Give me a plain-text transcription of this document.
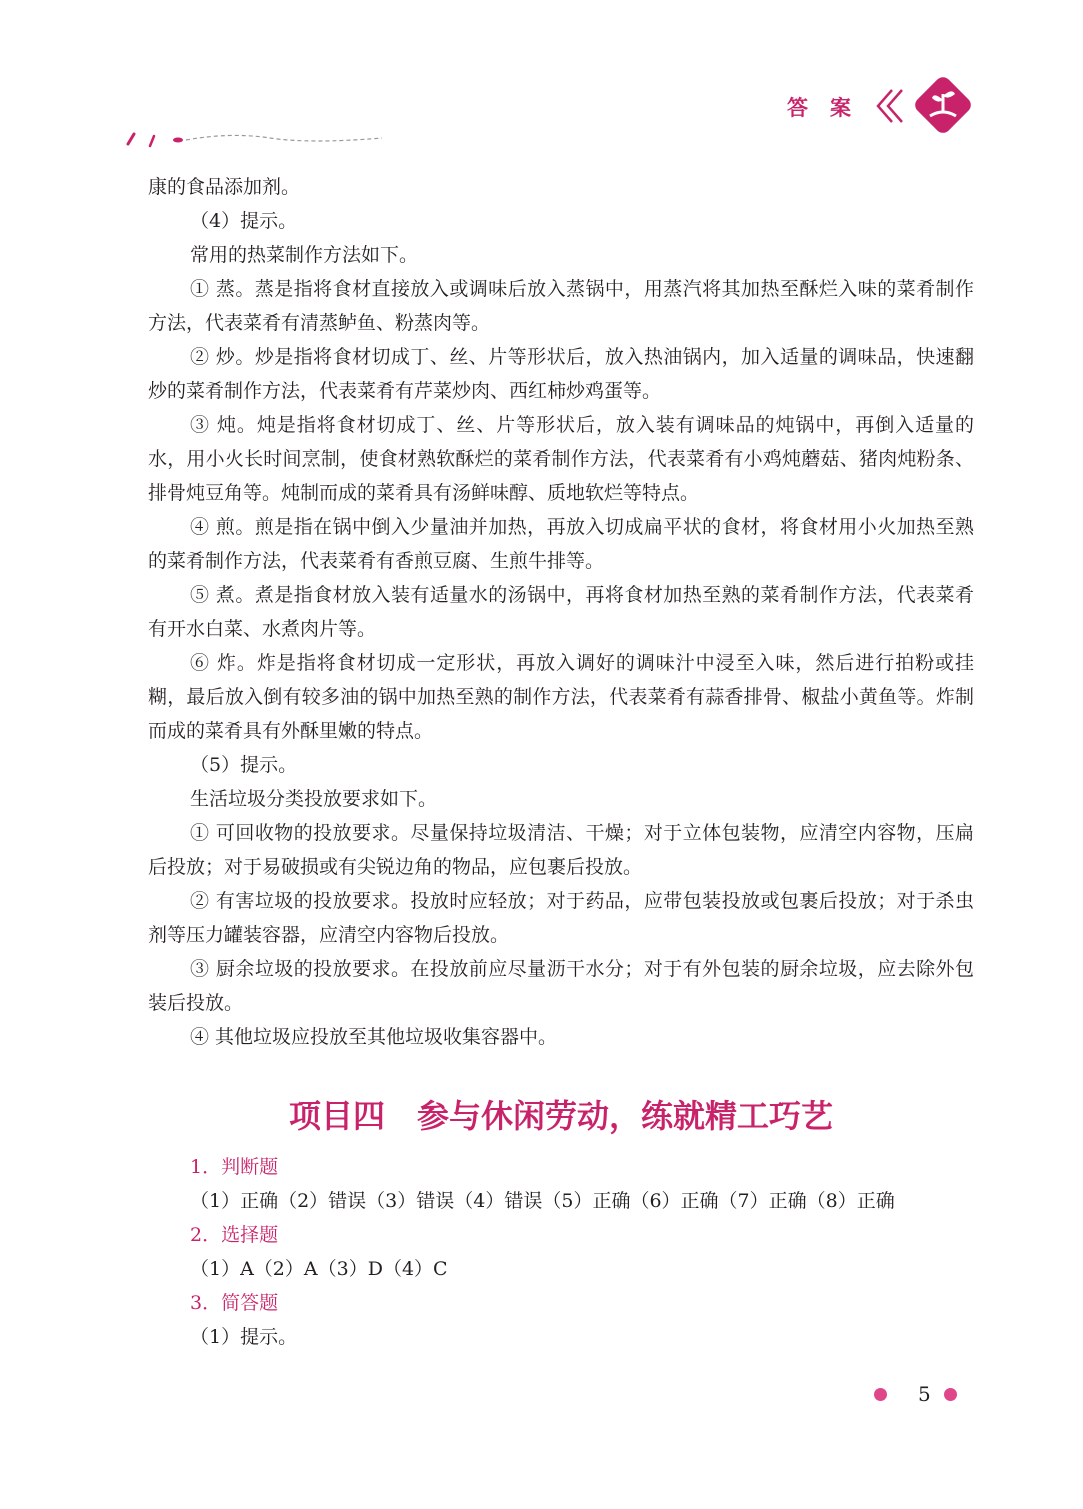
答案

康的食品添加剂。

（4）提示。

常用的热菜制作方法如下。

① 蒸。蒸是指将食材直接放入或调味后放入蒸锅中，用蒸汽将其加热至酥烂入味的菜肴制作方法，代表菜肴有清蒸鲈鱼、粉蒸肉等。

② 炒。炒是指将食材切成丁、丝、片等形状后，放入热油锅内，加入适量的调味品，快速翻炒的菜肴制作方法，代表菜肴有芹菜炒肉、西红柿炒鸡蛋等。

③ 炖。炖是指将食材切成丁、丝、片等形状后，放入装有调味品的炖锅中，再倒入适量的水，用小火长时间烹制，使食材熟软酥烂的菜肴制作方法，代表菜肴有小鸡炖蘑菇、猪肉炖粉条、排骨炖豆角等。炖制而成的菜肴具有汤鲜味醇、质地软烂等特点。

④ 煎。煎是指在锅中倒入少量油并加热，再放入切成扁平状的食材，将食材用小火加热至熟的菜肴制作方法，代表菜肴有香煎豆腐、生煎牛排等。

⑤ 煮。煮是指食材放入装有适量水的汤锅中，再将食材加热至熟的菜肴制作方法，代表菜肴有开水白菜、水煮肉片等。

⑥ 炸。炸是指将食材切成一定形状，再放入调好的调味汁中浸至入味，然后进行拍粉或挂糊，最后放入倒有较多油的锅中加热至熟的制作方法，代表菜肴有蒜香排骨、椒盐小黄鱼等。炸制而成的菜肴具有外酥里嫩的特点。

（5）提示。

生活垃圾分类投放要求如下。

① 可回收物的投放要求。尽量保持垃圾清洁、干燥；对于立体包装物，应清空内容物，压扁后投放；对于易破损或有尖锐边角的物品，应包裹后投放。

② 有害垃圾的投放要求。投放时应轻放；对于药品，应带包装投放或包裹后投放；对于杀虫剂等压力罐装容器，应清空内容物后投放。

③ 厨余垃圾的投放要求。在投放前应尽量沥干水分；对于有外包装的厨余垃圾，应去除外包装后投放。

④ 其他垃圾应投放至其他垃圾收集容器中。

项目四　参与休闲劳动，练就精工巧艺

1．判断题

（1）正确（2）错误（3）错误（4）错误（5）正确（6）正确（7）正确（8）正确

2．选择题

（1）A（2）A（3）D（4）C

3．简答题

（1）提示。

5
